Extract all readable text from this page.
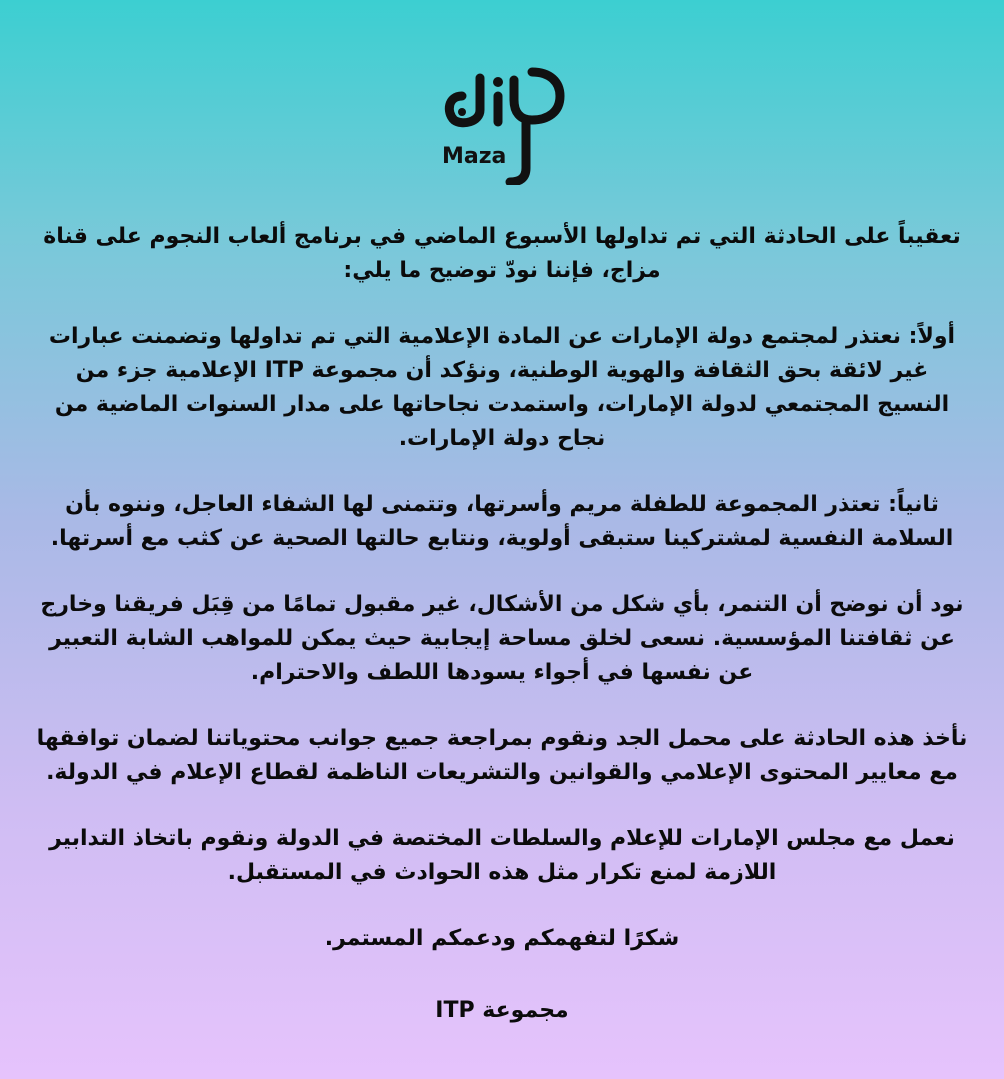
Maza
تعقيباً على الحادثة التي تم تداولها الأسبوع الماضي في برنامج ألعاب النجوم على قناة
مزاج، فإننا نودّ توضيح ما يلي:
أولاً: نعتذر لمجتمع دولة الإمارات عن المادة الإعلامية التي تم تداولها وتضمنت عبارات
غير لائقة بحق الثقافة والهوية الوطنية، ونؤكد أن مجموعة ITP الإعلامية جزء من
النسيج المجتمعي لدولة الإمارات، واستمدت نجاحاتها على مدار السنوات الماضية من
نجاح دولة الإمارات.
ثانياً: تعتذر المجموعة للطفلة مريم وأسرتها، وتتمنى لها الشفاء العاجل، وننوه بأن
السلامة النفسية لمشتركينا ستبقى أولوية، ونتابع حالتها الصحية عن كثب مع أسرتها.
نود أن نوضح أن التنمر، بأي شكل من الأشكال، غير مقبول تمامًا من قِبَل فريقنا وخارج
عن ثقافتنا المؤسسية. نسعى لخلق مساحة إيجابية حيث يمكن للمواهب الشابة التعبير
عن نفسها في أجواء يسودها اللطف والاحترام.
نأخذ هذه الحادثة على محمل الجد ونقوم بمراجعة جميع جوانب محتوياتنا لضمان توافقها
مع معايير المحتوى الإعلامي والقوانين والتشريعات الناظمة لقطاع الإعلام في الدولة.
نعمل مع مجلس الإمارات للإعلام والسلطات المختصة في الدولة ونقوم باتخاذ التدابير
اللازمة لمنع تكرار مثل هذه الحوادث في المستقبل.
شكرًا لتفهمكم ودعمكم المستمر.
مجموعة ITP
